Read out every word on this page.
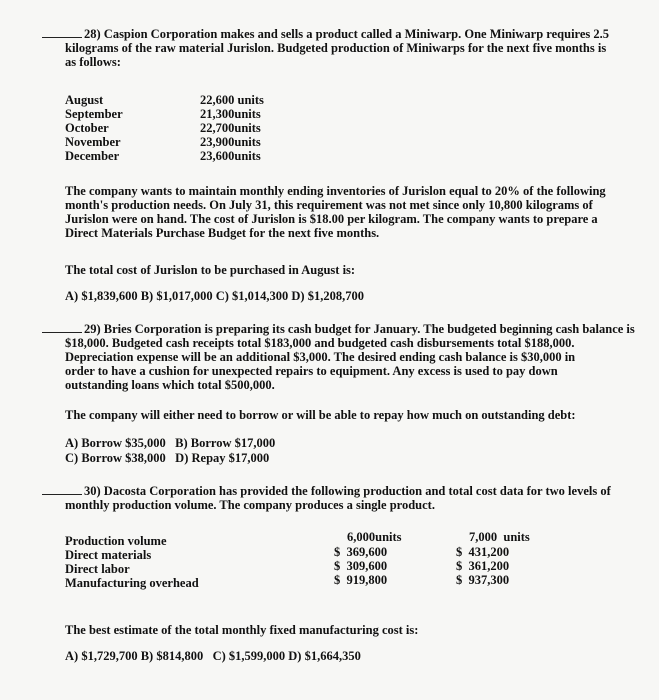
28) Caspion Corporation makes and sells a product called a Miniwarp. One Miniwarp requires 2.5
kilograms of the raw material Jurislon. Budgeted production of Miniwarps for the next five months is
as follows:
August	22,600 units
September	21,300units
October	22,700units
November	23,900units
December	23,600units
The company wants to maintain monthly ending inventories of Jurislon equal to 20% of the following
month's production needs. On July 31, this requirement was not met since only 10,800 kilograms of
Jurislon were on hand. The cost of Jurislon is $18.00 per kilogram. The company wants to prepare a
Direct Materials Purchase Budget for the next five months.
The total cost of Jurislon to be purchased in August is:
A) $1,839,600 B) $1,017,000 C) $1,014,300 D) $1,208,700
29) Bries Corporation is preparing its cash budget for January. The budgeted beginning cash balance is
$18,000. Budgeted cash receipts total $183,000 and budgeted cash disbursements total $188,000.
Depreciation expense will be an additional $3,000. The desired ending cash balance is $30,000 in
order to have a cushion for unexpected repairs to equipment. Any excess is used to pay down
outstanding loans which total $500,000.
The company will either need to borrow or will be able to repay how much on outstanding debt:
A) Borrow $35,000   B) Borrow $17,000
C) Borrow $38,000   D) Repay $17,000
30) Dacosta Corporation has provided the following production and total cost data for two levels of
monthly production volume. The company produces a single product.
Production volume	6,000units	7,000  units
Direct materials	$  369,600	$  431,200
Direct labor	$  309,600	$  361,200
Manufacturing overhead	$  919,800	$  937,300
The best estimate of the total monthly fixed manufacturing cost is:
A) $1,729,700 B) $814,800   C) $1,599,000 D) $1,664,350
